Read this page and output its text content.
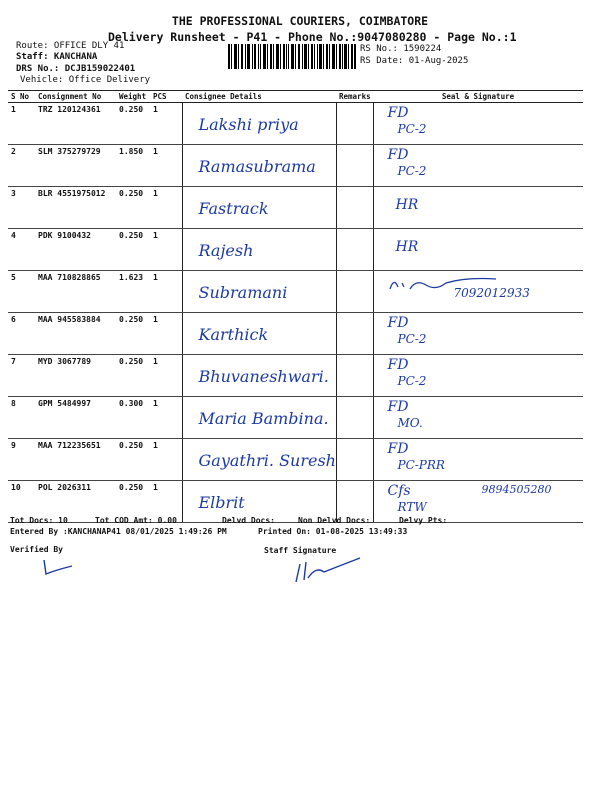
THE PROFESSIONAL COURIERS, COIMBATORE
Delivery Runsheet - P41 - Phone No.:9047080280 - Page No.:1
Route: OFFICE DLY 41
Staff: KANCHANA
DRS No.: DCJB159022401
Vehicle: Office Delivery
RS No.: 1590224
RS Date: 01-Aug-2025
S No	Consignment No	Weight	PCS	Consignee Details	Remarks	Seal & Signature

1	TRZ 120124361	0.250	1	Lakshi priya		FD
PC-2

2	SLM 375279729	1.850	1	Ramasubrama		FD
PC-2

3	BLR 4551975012	0.250	1	Fastrack		HR

4	PDK 9100432	0.250	1	Rajesh		HR

5	MAA 710828865	1.623	1	Subramani		7092012933

6	MAA 945583884	0.250	1	Karthick		FD
PC-2

7	MYD 3067789	0.250	1	Bhuvaneshwari.		FD
PC-2

8	GPM 5484997	0.300	1	Maria Bambina.		FD
MO.

9	MAA 712235651	0.250	1	Gayathri. Suresh		FD
PC-PRR

10	POL 2026311	0.250	1	Elbrit		Cfs
RTW
9894505280
Tot Docs: 10	Tot COD Amt: 0.00	Delvd Docs:	Non Delvd Docs:	Delvy Pts:
Entered By :KANCHANAP41 08/01/2025 1:49:26 PM	Printed On: 01-08-2025 13:49:33
Verified By	Staff Signature
